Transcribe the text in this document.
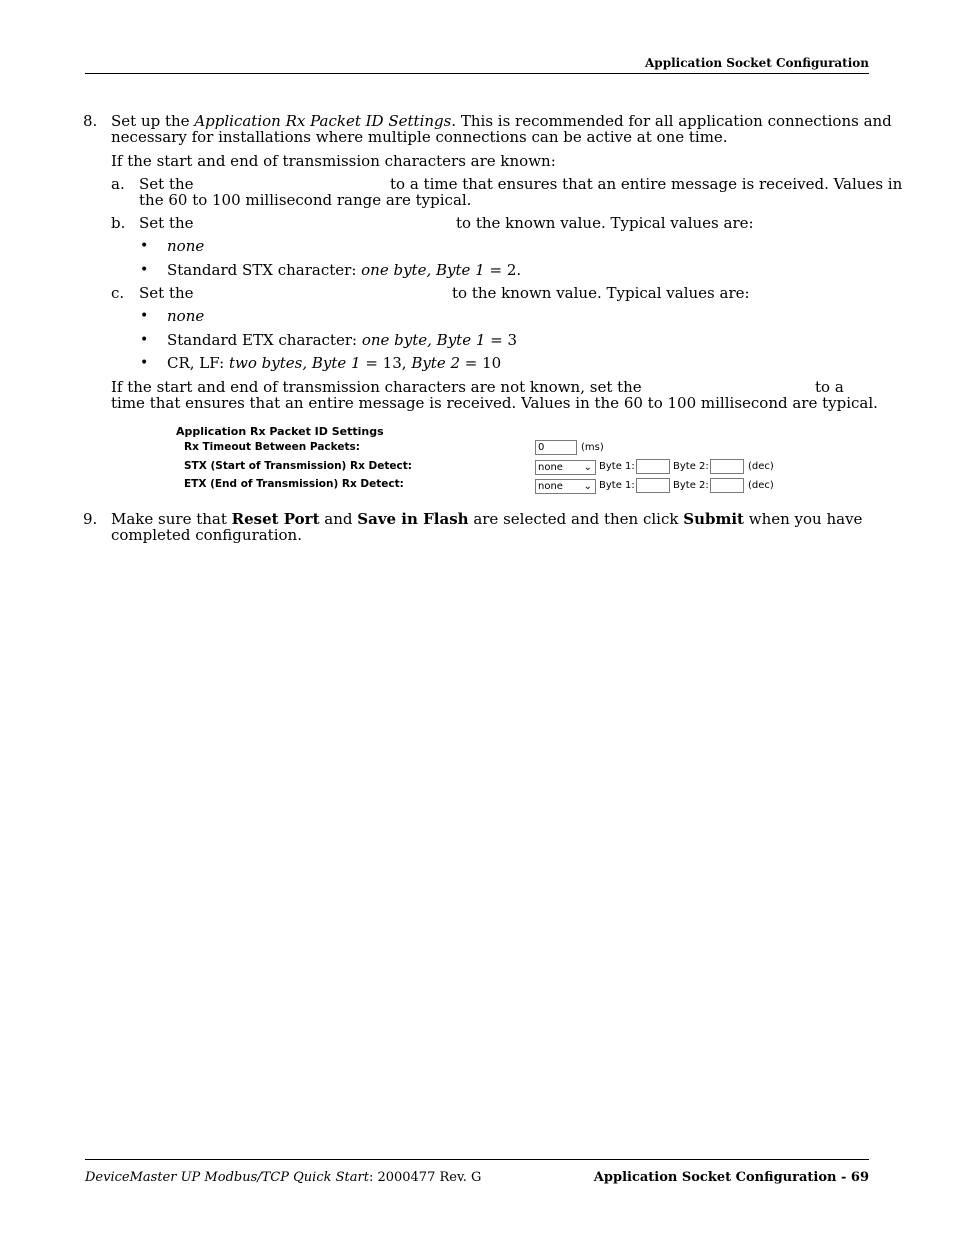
Application Socket Configuration
8. Set up the Application Rx Packet ID Settings. This is recommended for all application connections and
necessary for installations where multiple connections can be active at one time.
If the start and end of transmission characters are known:
a. Set the	to a time that ensures that an entire message is received. Values in
the 60 to 100 millisecond range are typical.
b. Set the	to the known value. Typical values are:
• none
• Standard STX character: one byte, Byte 1 = 2.
c. Set the	to the known value. Typical values are:
• none
• Standard ETX character: one byte, Byte 1 = 3
• CR, LF: two bytes, Byte 1 = 13, Byte 2 = 10
If the start and end of transmission characters are not known, set the	to a
time that ensures that an entire message is received. Values in the 60 to 100 millisecond are typical.
Application Rx Packet ID Settings
Rx Timeout Between Packets:	0	(ms)
STX (Start of Transmission) Rx Detect:	none ⌄ Byte 1:	Byte 2:	(dec)
ETX (End of Transmission) Rx Detect:	none ⌄ Byte 1:	Byte 2:	(dec)
9. Make sure that Reset Port and Save in Flash are selected and then click Submit when you have
completed configuration.
DeviceMaster UP Modbus/TCP Quick Start: 2000477 Rev. G	Application Socket Configuration - 69
